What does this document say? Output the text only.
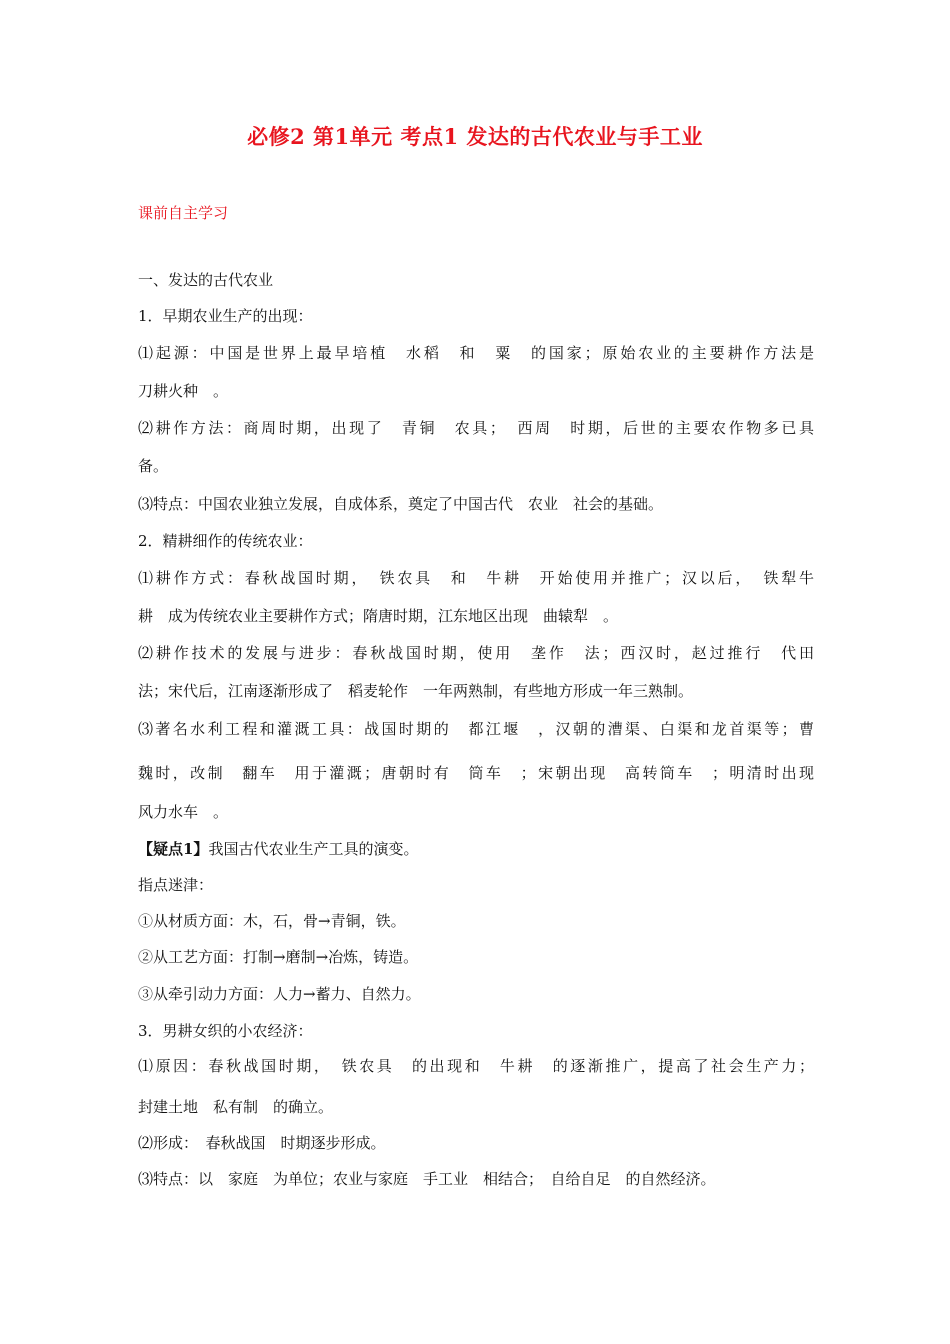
必修2 第1单元 考点1 发达的古代农业与手工业
课前自主学习
一、发达的古代农业
1．早期农业生产的出现：
⑴起源：中国是世界上最早培植　水稻　和　粟　的国家；原始农业的主要耕作方法是
刀耕火种　。
⑵耕作方法：商周时期，出现了　青铜　农具；　西周　时期，后世的主要农作物多已具
备。
⑶特点：中国农业独立发展，自成体系，奠定了中国古代　农业　社会的基础。
2．精耕细作的传统农业：
⑴耕作方式：春秋战国时期，　铁农具　和　牛耕　开始使用并推广；汉以后，　铁犁牛
耕　成为传统农业主要耕作方式；隋唐时期，江东地区出现　曲辕犁　。
⑵耕作技术的发展与进步：春秋战国时期，使用　垄作　法；西汉时，赵过推行　代田
法；宋代后，江南逐渐形成了　稻麦轮作　一年两熟制，有些地方形成一年三熟制。
⑶著名水利工程和灌溉工具：战国时期的　都江堰　，汉朝的漕渠、白渠和龙首渠等；曹
魏时，改制　翻车　用于灌溉；唐朝时有　筒车　；宋朝出现　高转筒车　；明清时出现
风力水车　。
【疑点1】我国古代农业生产工具的演变。
指点迷津：
①从材质方面：木，石，骨→青铜，铁。
②从工艺方面：打制→磨制→冶炼，铸造。
③从牵引动力方面：人力→蓄力、自然力。
3．男耕女织的小农经济：
⑴原因：春秋战国时期，　铁农具　的出现和　牛耕　的逐渐推广，提高了社会生产力；
封建土地　私有制　的确立。
⑵形成：　春秋战国　时期逐步形成。
⑶特点：以　家庭　为单位；农业与家庭　手工业　相结合；　自给自足　的自然经济。
